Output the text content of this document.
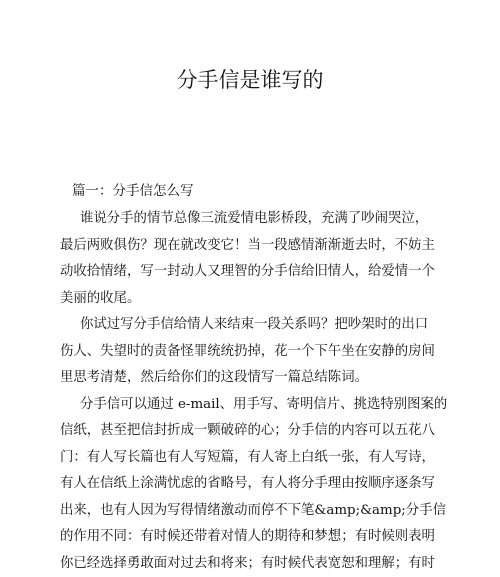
分手信是谁写的
篇一：分手信怎么写

谁说分手的情节总像三流爱情电影桥段，充满了吵闹哭泣，
最后两败俱伤？现在就改变它！当一段感情渐渐逝去时，不妨主
动收拾情绪，写一封动人又理智的分手信给旧情人，给爱情一个
美丽的收尾。

你试过写分手信给情人来结束一段关系吗？把吵架时的出口
伤人、失望时的责备怪罪统统扔掉，花一个下午坐在安静的房间
里思考清楚，然后给你们的这段情写一篇总结陈词。

分手信可以通过 e-mail、用手写、寄明信片、挑选特别图案的
信纸，甚至把信封折成一颗破碎的心；分手信的内容可以五花八
门：有人写长篇也有人写短篇，有人寄上白纸一张，有人写诗，
有人在信纸上涂满忧虑的省略号，有人将分手理由按顺序逐条写
出来，也有人因为写得情绪激动而停不下笔&amp;&amp;分手信
的作用不同：有时候还带着对情人的期待和梦想；有时候则表明
你已经选择勇敢面对过去和将来；有时候代表宽恕和理解；有时
